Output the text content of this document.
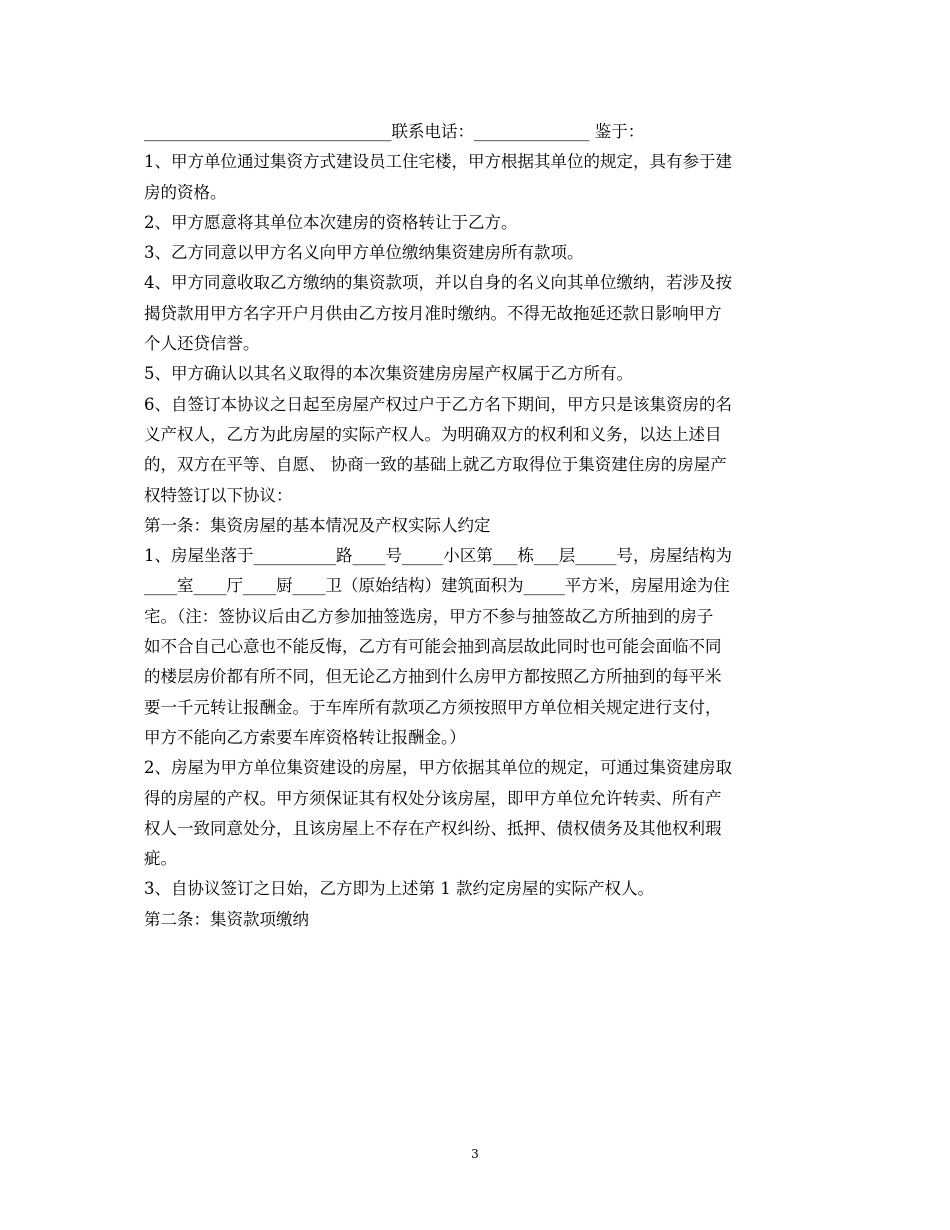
______________________________联系电话：______________ 鉴于：
1、甲方单位通过集资方式建设员工住宅楼，甲方根据其单位的规定，具有参于建
房的资格。
2、甲方愿意将其单位本次建房的资格转让于乙方。
3、乙方同意以甲方名义向甲方单位缴纳集资建房所有款项。
4、甲方同意收取乙方缴纳的集资款项，并以自身的名义向其单位缴纳，若涉及按
揭贷款用甲方名字开户月供由乙方按月准时缴纳。不得无故拖延还款日影响甲方
个人还贷信誉。
5、甲方确认以其名义取得的本次集资建房房屋产权属于乙方所有。
6、自签订本协议之日起至房屋产权过户于乙方名下期间，甲方只是该集资房的名
义产权人，乙方为此房屋的实际产权人。为明确双方的权利和义务，以达上述目
的，双方在平等、自愿、 协商一致的基础上就乙方取得位于集资建住房的房屋产
权特签订以下协议：
第一条：集资房屋的基本情况及产权实际人约定
1、房屋坐落于__________路____号_____小区第___栋___层_____号，房屋结构为
____室____厅____厨____卫（原始结构）建筑面积为_____平方米，房屋用途为住
宅。（注：签协议后由乙方参加抽签选房，甲方不参与抽签故乙方所抽到的房子
如不合自己心意也不能反悔，乙方有可能会抽到高层故此同时也可能会面临不同
的楼层房价都有所不同，但无论乙方抽到什么房甲方都按照乙方所抽到的每平米
要一千元转让报酬金。于车库所有款项乙方须按照甲方单位相关规定进行支付，
甲方不能向乙方索要车库资格转让报酬金。）
2、房屋为甲方单位集资建设的房屋，甲方依据其单位的规定，可通过集资建房取
得的房屋的产权。甲方须保证其有权处分该房屋，即甲方单位允许转卖、所有产
权人一致同意处分，且该房屋上不存在产权纠纷、抵押、债权债务及其他权利瑕
疵。
3、自协议签订之日始，乙方即为上述第 1 款约定房屋的实际产权人。
第二条：集资款项缴纳
3
